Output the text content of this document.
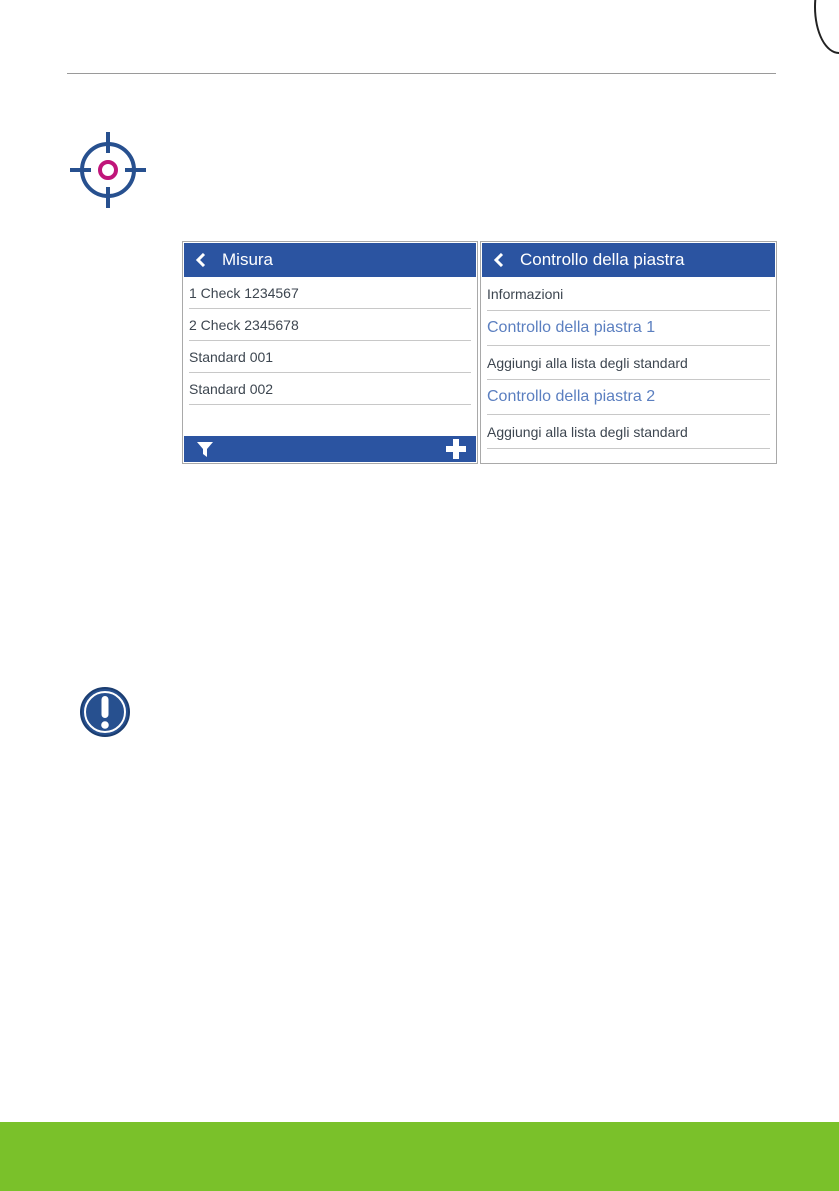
Misura
1 Check 1234567
2 Check 2345678
Standard 001
Standard 002
Controllo della piastra
Informazioni
Controllo della piastra 1
Aggiungi alla lista degli standard
Controllo della piastra 2
Aggiungi alla lista degli standard
